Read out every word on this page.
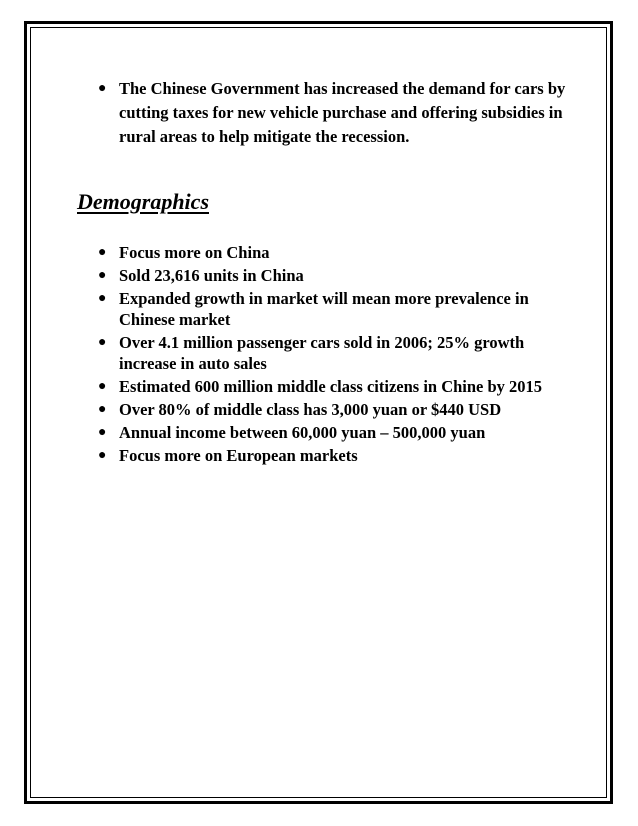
● The Chinese Government has increased the demand for cars by cutting taxes for new vehicle purchase and offering subsidies in rural areas to help mitigate the recession.
Demographics
● Focus more on China
● Sold 23,616 units in China
● Expanded growth in market will mean more prevalence in Chinese market
● Over 4.1 million passenger cars sold in 2006; 25% growth increase in auto sales
● Estimated 600 million middle class citizens in Chine by 2015
● Over 80% of middle class has 3,000 yuan or $440 USD
● Annual income between 60,000 yuan – 500,000 yuan
● Focus more on European markets
